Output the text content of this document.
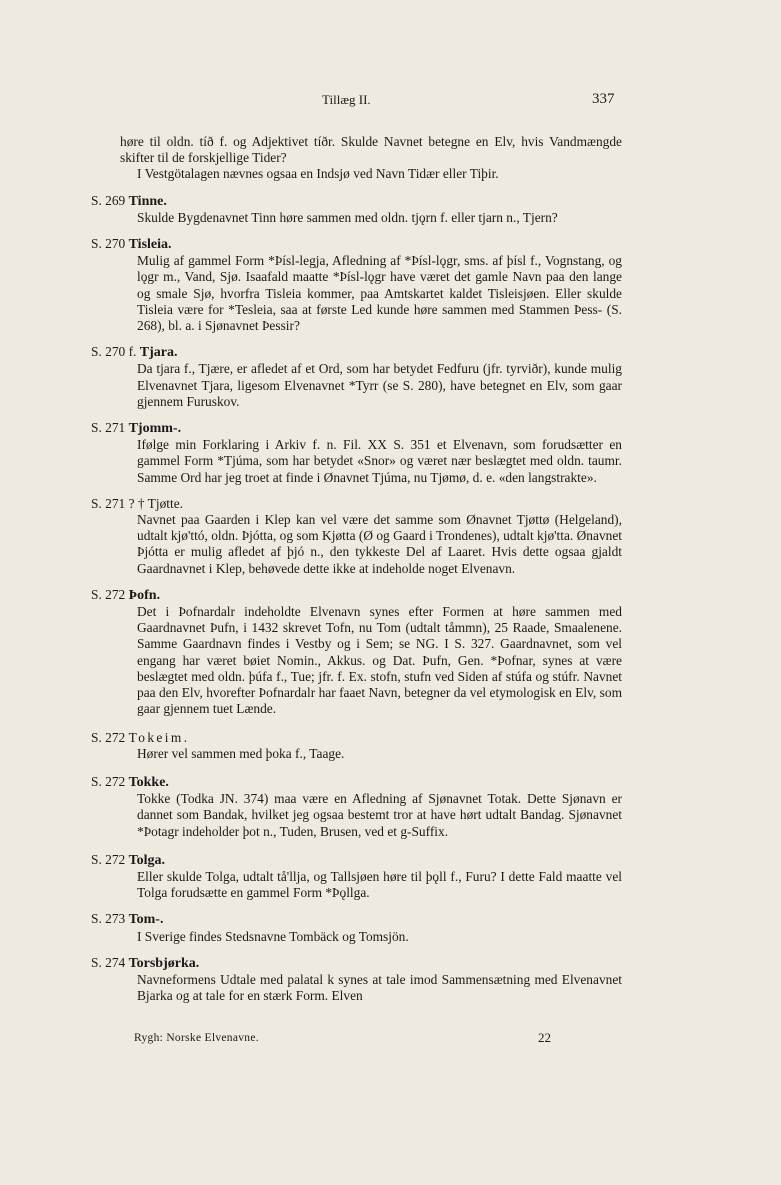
Tillæg II.	337

høre til oldn. tíð f. og Adjektivet tíðr. Skulde Navnet betegne en Elv, hvis Vandmængde skifter til de forskjellige Tider?

I Vestgötalagen nævnes ogsaa en Indsjø ved Navn Tidær eller Tiþir.

S. 269 Tinne.

Skulde Bygdenavnet Tinn høre sammen med oldn. tjǫrn f. eller tjarn n., Tjern?

S. 270 Tisleia.

Mulig af gammel Form *Þísl-legja, Afledning af *Þísl-lǫgr, sms. af þísl f., Vognstang, og lǫgr m., Vand, Sjø. Isaafald maatte *Þísl-lǫgr have været det gamle Navn paa den lange og smale Sjø, hvorfra Tisleia kommer, paa Amtskartet kaldet Tisleisjøen. Eller skulde Tisleia være for *Tesleia, saa at første Led kunde høre sammen med Stammen Þess- (S. 268), bl. a. i Sjønavnet Þessir?

S. 270 f. Tjara.

Da tjara f., Tjære, er afledet af et Ord, som har betydet Fedfuru (jfr. tyrviðr), kunde mulig Elvenavnet Tjara, ligesom Elvenavnet *Tyrr (se S. 280), have betegnet en Elv, som gaar gjennem Furuskov.

S. 271 Tjomm-.

Ifølge min Forklaring i Arkiv f. n. Fil. XX S. 351 et Elvenavn, som forudsætter en gammel Form *Tjúma, som har betydet «Snor» og været nær beslægtet med oldn. taumr. Samme Ord har jeg troet at finde i Ønavnet Tjúma, nu Tjømø, d. e. «den langstrakte».

S. 271 ? † Tjøtte.

Navnet paa Gaarden i Klep kan vel være det samme som Ønavnet Tjøttø (Helgeland), udtalt kjø'ttó, oldn. Þjótta, og som Kjøtta (Ø og Gaard i Trondenes), udtalt kjø'tta. Ønavnet Þjótta er mulig afledet af þjó n., den tykkeste Del af Laaret. Hvis dette ogsaa gjaldt Gaardnavnet i Klep, behøvede dette ikke at indeholde noget Elvenavn.

S. 272 Þofn.

Det i Þofnardalr indeholdte Elvenavn synes efter Formen at høre sammen med Gaardnavnet Þufn, i 1432 skrevet Tofn, nu Tom (udtalt tåmmn), 25 Raade, Smaalenene. Samme Gaardnavn findes i Vestby og i Sem; se NG. I S. 327. Gaardnavnet, som vel engang har været bøiet Nomin., Akkus. og Dat. Þufn, Gen. *Þofnar, synes at være beslægtet med oldn. þúfa f., Tue; jfr. f. Ex. stofn, stufn ved Siden af stúfa og stúfr. Navnet paa den Elv, hvorefter Þofnardalr har faaet Navn, betegner da vel etymologisk en Elv, som gaar gjennem tuet Lænde.

S. 272 Tokeim.

Hører vel sammen med þoka f., Taage.

S. 272 Tokke.

Tokke (Todka JN. 374) maa være en Afledning af Sjønavnet Totak. Dette Sjønavn er dannet som Bandak, hvilket jeg ogsaa bestemt tror at have hørt udtalt Bandag. Sjønavnet *Þotagr indeholder þot n., Tuden, Brusen, ved et g-Suffix.

S. 272 Tolga.

Eller skulde Tolga, udtalt tå'llja, og Tallsjøen høre til þǫll f., Furu? I dette Fald maatte vel Tolga forudsætte en gammel Form *Þǫllga.

S. 273 Tom-.

I Sverige findes Stedsnavne Tombäck og Tomsjön.

S. 274 Torsbjørka.

Navneformens Udtale med palatal k synes at tale imod Sammensætning med Elvenavnet Bjarka og at tale for en stærk Form. Elven

Rygh: Norske Elvenavne.	22
